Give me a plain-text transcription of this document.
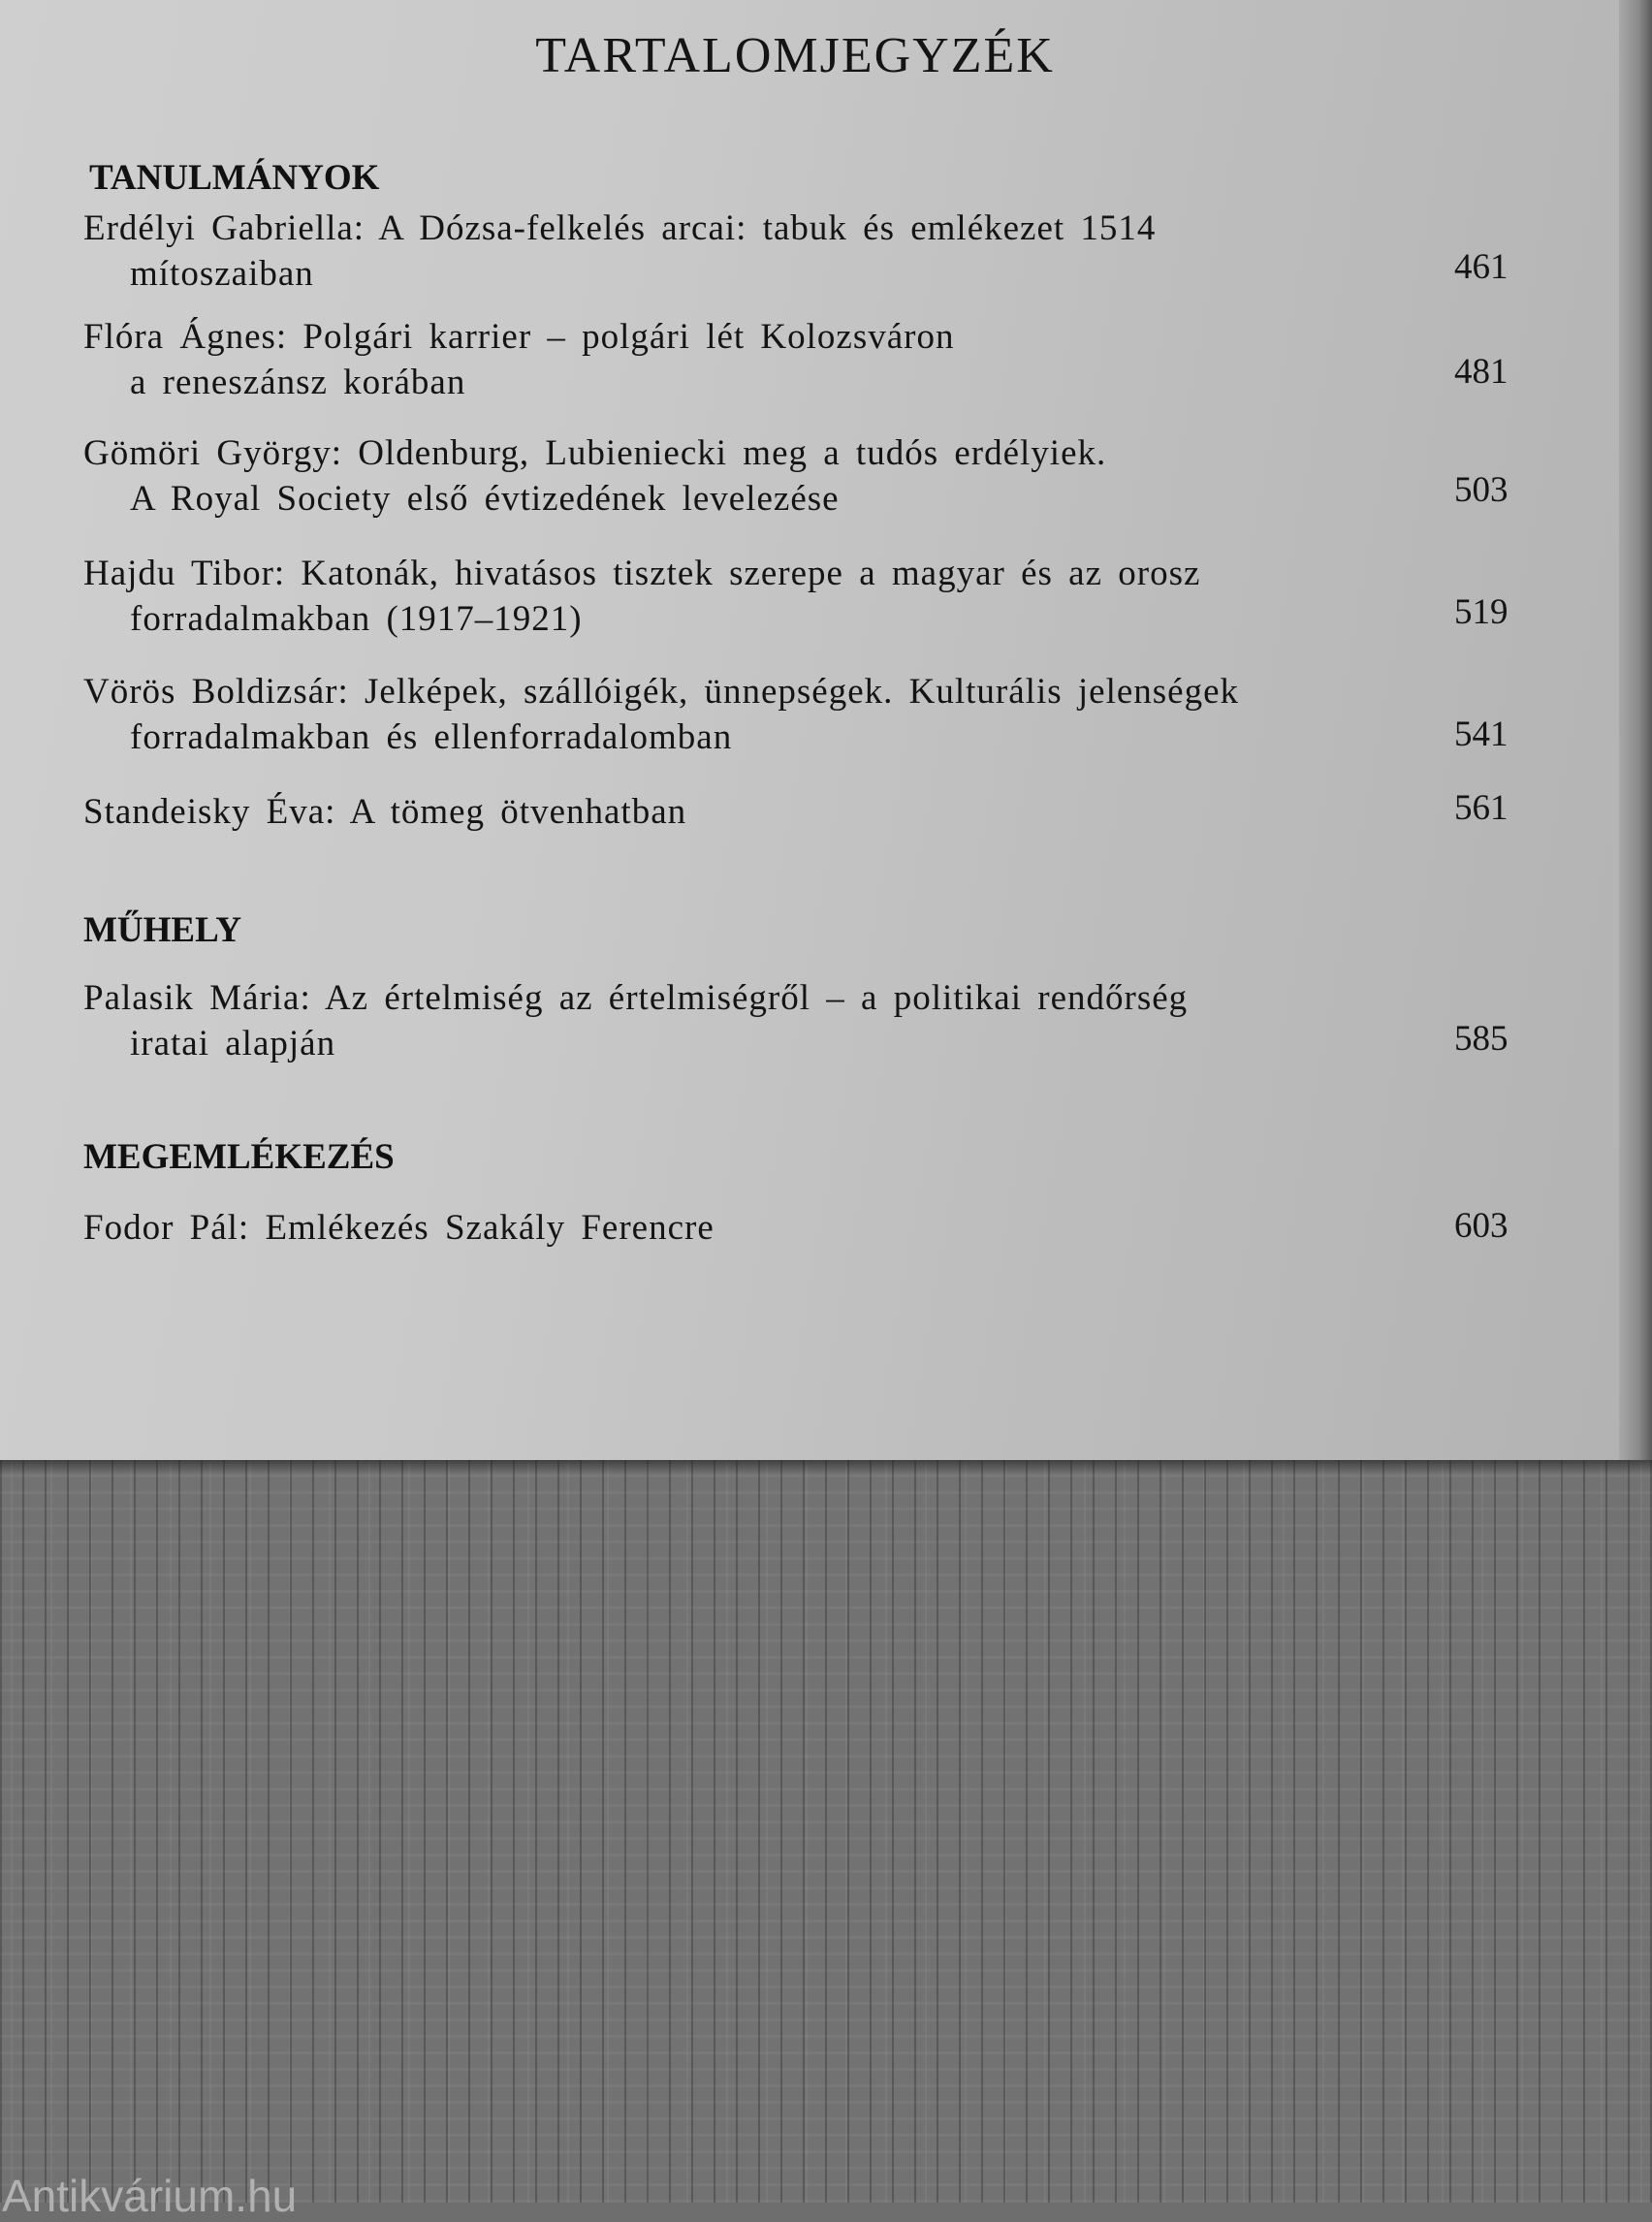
TARTALOMJEGYZÉK
TANULMÁNYOK
Erdélyi Gabriella: A Dózsa-felkelés arcai: tabuk és emlékezet 1514
mítoszaiban	461
Flóra Ágnes: Polgári karrier – polgári lét Kolozsváron
a reneszánsz korában	481
Gömöri György: Oldenburg, Lubieniecki meg a tudós erdélyiek.
A Royal Society első évtizedének levelezése	503
Hajdu Tibor: Katonák, hivatásos tisztek szerepe a magyar és az orosz
forradalmakban (1917–1921)	519
Vörös Boldizsár: Jelképek, szállóigék, ünnepségek. Kulturális jelenségek
forradalmakban és ellenforradalomban	541
Standeisky Éva: A tömeg ötvenhatban	561
MŰHELY
Palasik Mária: Az értelmiség az értelmiségről – a politikai rendőrség
iratai alapján	585
MEGEMLÉKEZÉS
Fodor Pál: Emlékezés Szakály Ferencre	603
Antikvárium.hu
